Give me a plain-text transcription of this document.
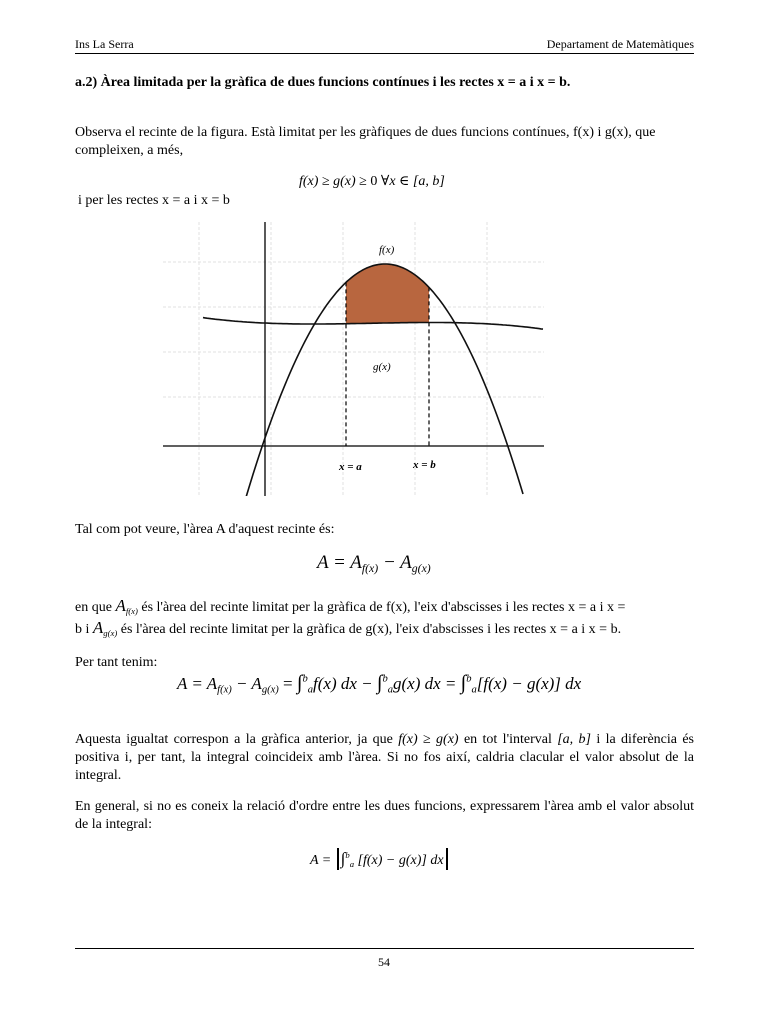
Ins La Serra	Departament de Matemàtiques
a.2) Àrea limitada per la gràfica de dues funcions contínues i les rectes x = a i x = b.
Observa el recinte de la figura. Està limitat per les gràfiques de dues funcions contínues, f(x) i g(x), que compleixen, a més,
f(x) ≥ g(x) ≥ 0 ∀x ∈ [a, b]
i per les rectes x = a i x = b
f(x)
g(x)
x = a	x = b
Tal com pot veure, l'àrea A d'aquest recinte és:
$A = A_{f(x)} - A_{g(x)}$
en que $A_{f(x)}$ és l'àrea del recinte limitat per la gràfica de f(x), l'eix d'abscisses i les rectes x = a i x =
b i $A_{g(x)}$ és l'àrea del recinte limitat per la gràfica de g(x), l'eix d'abscisses i les rectes x = a i x = b.
Per tant tenim:
$A = A_{f(x)} - A_{g(x)} = \int^b_af(x)$ dx − ∫$^b_a$g(x) dx = ∫$^b_a$[f(x) − g(x)] dx
Aquesta igualtat correspon a la gràfica anterior, ja que f(x) ≥ g(x) en tot l'interval [a, b] i la diferència és positiva i, per tant, la integral coincideix amb l'àrea. Si no fos així, caldria clacular el valor absolut de la integral.
En general, si no es coneix la relació d'ordre entre les dues funcions, expressarem l'àrea amb el valor absolut de la integral:
A = ∫$^b_a$ [f(x) − g(x)] dx
54
